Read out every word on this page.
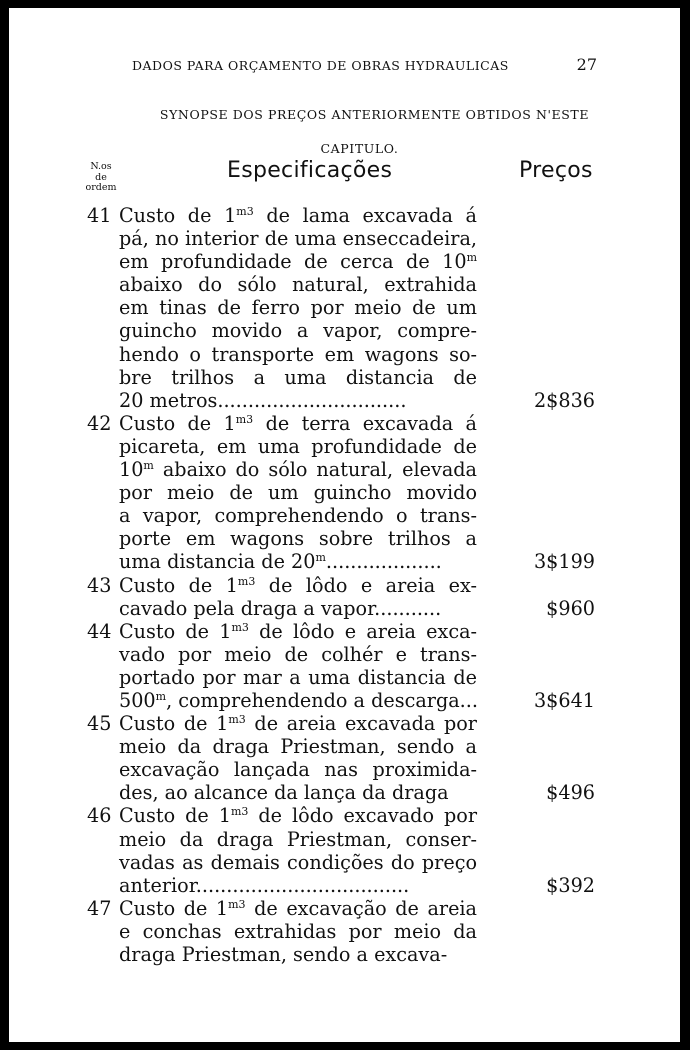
DADOS PARA ORÇAMENTO DE OBRAS HYDRAULICAS	27
SYNOPSE DOS PREÇOS ANTERIORMENTE OBTIDOS N'ESTE
CAPITULO.
N.os
de
ordem
Especificações	Preços
41 Custo de $1^{m3}$ de lama excavada á
pá, no interior de uma enseccadeira,
em profundidade de cerca de 10$^m$
abaixo do sólo natural, extrahida
em tinas de ferro por meio de um
guincho movido a vapor, compre-
hendo o transporte em wagons so-
bre trilhos a uma distancia de
20 metros...............................	2$836
42 Custo de $1^{m3}$ de terra excavada á
picareta, em uma profundidade de
10$^m$ abaixo do sólo natural, elevada
por meio de um guincho movido
a vapor, comprehendendo o trans-
porte em wagons sobre trilhos a
uma distancia de 20$^m$...................	3$199
43 Custo de $1^{m3}$ de lôdo e areia ex-
cavado pela draga a vapor...........	$960
44 Custo de $1^{m3}$ de lôdo e areia exca-
vado por meio de colhér e trans-
portado por mar a uma distancia de
500$^m$, comprehendendo a descarga...	3$641
45 Custo de $1^{m3}$ de areia excavada por
meio da draga Priestman, sendo a
excavação lançada nas proximida-
des, ao alcance da lança da draga	$496
46 Custo de $1^{m3}$ de lôdo excavado por
meio da draga Priestman, conser-
vadas as demais condições do preço
anterior...................................	$392
47 Custo de $1^{m3}$ de excavação de areia
e conchas extrahidas por meio da
draga Priestman, sendo a excava-
